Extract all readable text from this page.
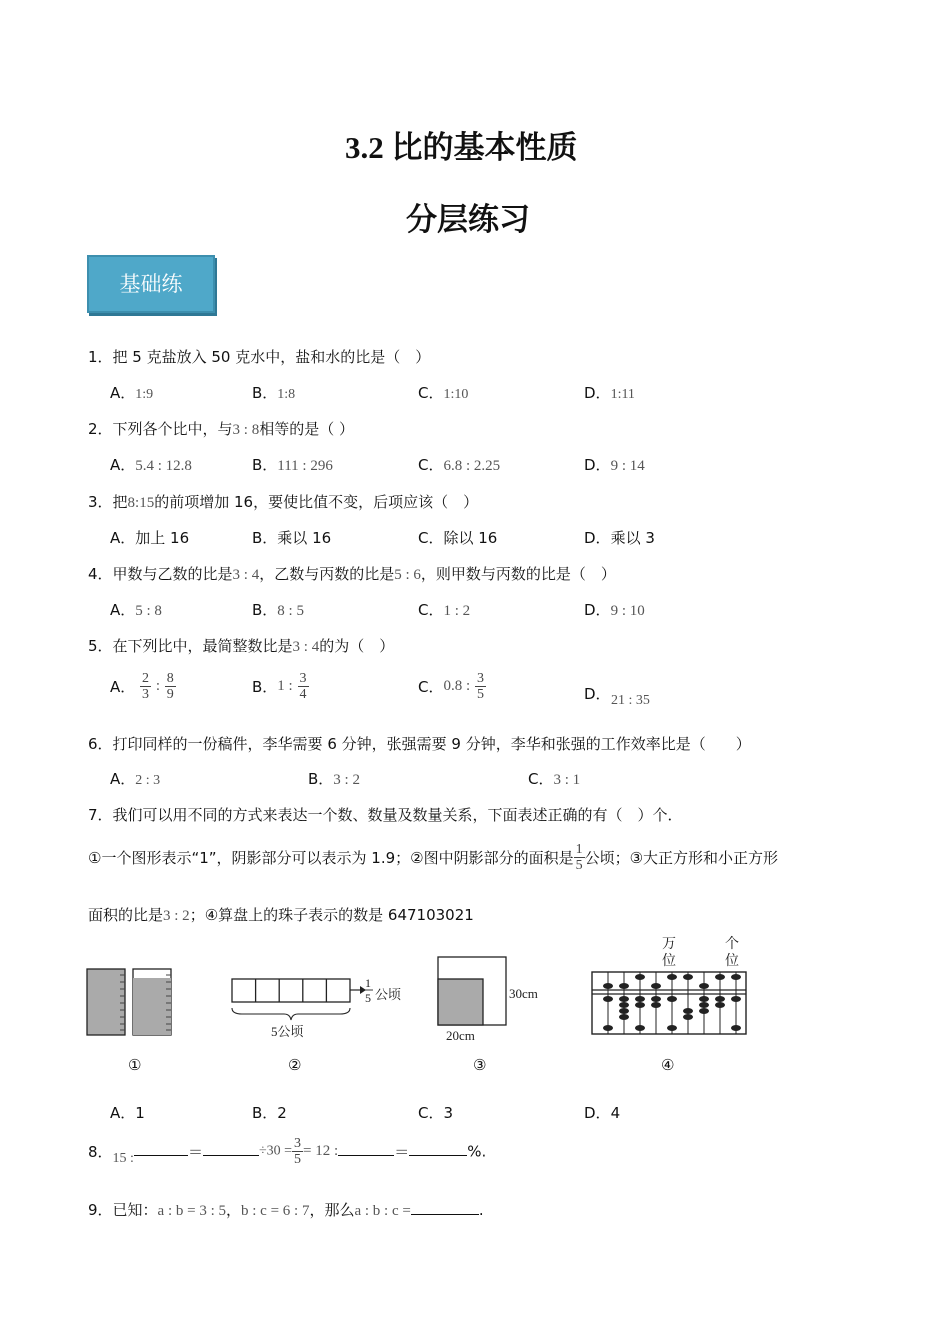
3.2 比的基本性质
分层练习
基础练
1．把 5 克盐放入 50 克水中，盐和水的比是（　）
A．1:9	B．1:8	C．1:10	D．1:11
2．下列各个比中，与3 : 8相等的是（ ）
A．5.4 : 12.8	B．111 : 296	C．6.8 : 2.25	D．9 : 14
3．把8:15的前项增加 16，要使比值不变，后项应该（　）
A．加上 16	B．乘以 16	C．除以 16	D．乘以 3
4．甲数与乙数的比是3 : 4，乙数与丙数的比是5 : 6，则甲数与丙数的比是（　）
A．5 : 8	B．8 : 5	C．1 : 2	D．9 : 10
5．在下列比中，最简整数比是3 : 4的为（　）
A． $\frac{2}{3}$ : $\frac{8}{9}$	B．1 : $\frac{3}{4}$	C．0.8 : $\frac{3}{5}$	D． 21 : 35
6．打印同样的一份稿件，李华需要 6 分钟，张强需要 9 分钟，李华和张强的工作效率比是（　　）
A．2 : 3	B．3 : 2	C．3 : 1
7．我们可以用不同的方式来表达一个数、数量及数量关系，下面表述正确的有（　）个．
①一个图形表示“1”，阴影部分可以表示为 1.9；②图中阴影部分的面积是 $\frac{1}{5}$ 公顷；③大正方形和小正方形
面积的比是3 : 2；④算盘上的珠子表示的数是 647103021
1
5 公顷
5公顷
30cm
20cm
万
位
个
位
①	②	③	④
A．1	B．2	C．3	D．4
8．15 :	＝	$\div 30 = \frac{3}{5} = 12$ :	＝	%.
9．已知：a : b = 3 : 5，b : c = 6 : 7，那么a : b : c =	.
